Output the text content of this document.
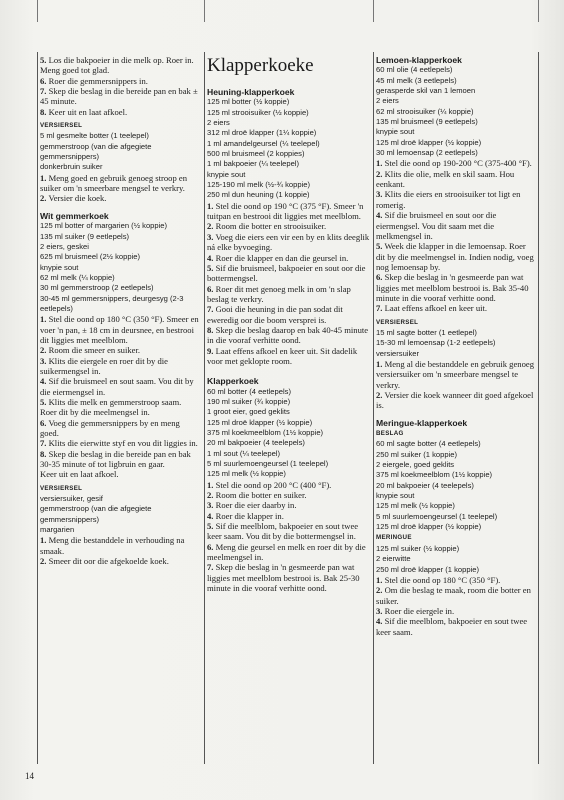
5. Los die bakpoeier in die melk op. Roer in. Meng goed tot glad.
6. Roer die gemmersnippers in.
7. Skep die beslag in die bereide pan en bak ± 45 minute.
8. Keer uit en laat afkoel.
VERSIERSEL
5 ml gesmelte botter (1 teelepel)
gemmerstroop (van die afgegiete gemmersnippers)
donkerbruin suiker
1. Meng goed en gebruik genoeg stroop en suiker om 'n smeerbare mengsel te verkry.
2. Versier die koek.
Wit gemmerkoek
125 ml botter of margarien (½ koppie)
135 ml suiker (9 eetlepels)
2 eiers, geskei
625 ml bruismeel (2½ koppie)
knypie sout
62 ml melk (¼ koppie)
30 ml gemmerstroop (2 eetlepels)
30-45 ml gemmersnippers, deurgesyg (2-3 eetlepels)
1. Stel die oond op 180 °C (350 °F). Smeer en voer 'n pan, ± 18 cm in deursnee, en bestrooi dit liggies met meelblom.
2. Room die smeer en suiker.
3. Klits die eiergele en roer dit by die suikermengsel in.
4. Sif die bruismeel en sout saam. Vou dit by die eiermengsel in.
5. Klits die melk en gemmerstroop saam. Roer dit by die meelmengsel in.
6. Voeg die gemmersnippers by en meng goed.
7. Klits die eierwitte styf en vou dit liggies in.
8. Skep die beslag in die bereide pan en bak 30-35 minute of tot ligbruin en gaar.
Keer uit en laat afkoel.
VERSIERSEL
versiersuiker, gesif
gemmerstroop (van die afgegiete gemmersnippers)
margarien
1. Meng die bestanddele in verhouding na smaak.
2. Smeer dit oor die afgekoelde koek.
Klapperkoeke
Heuning-klapperkoek
125 ml botter (½ koppie)
125 ml strooisuiker (½ koppie)
2 eiers
312 ml droë klapper (1¼ koppie)
1 ml amandelgeursel (¼ teelepel)
500 ml bruismeel (2 koppies)
1 ml bakpoeier (¼ teelepel)
knypie sout
125-190 ml melk (½-¾ koppie)
250 ml dun heuning (1 koppie)
1. Stel die oond op 190 °C (375 °F). Smeer 'n tuitpan en bestrooi dit liggies met meelblom.
2. Room die botter en strooisuiker.
3. Voeg die eiers een vir een by en klits deeglik ná elke byvoeging.
4. Roer die klapper en dan die geursel in.
5. Sif die bruismeel, bakpoeier en sout oor die bottermengsel.
6. Roer dit met genoeg melk in om 'n slap beslag te verkry.
7. Gooi die heuning in die pan sodat dit eweredig oor die boom versprei is.
8. Skep die beslag daarop en bak 40-45 minute in die vooraf verhitte oond.
9. Laat effens afkoel en keer uit. Sit dadelik voor met geklopte room.
Klapperkoek
60 ml botter (4 eetlepels)
190 ml suiker (¾ koppie)
1 groot eier, goed geklits
125 ml droë klapper (½ koppie)
375 ml koekmeelblom (1½ koppie)
20 ml bakpoeier (4 teelepels)
1 ml sout (¼ teelepel)
5 ml suurlemoengeursel (1 teelepel)
125 ml melk (½ koppie)
1. Stel die oond op 200 °C (400 °F).
2. Room die botter en suiker.
3. Roer die eier daarby in.
4. Roer die klapper in.
5. Sif die meelblom, bakpoeier en sout twee keer saam. Vou dit by die bottermengsel in.
6. Meng die geursel en melk en roer dit by die meelmengsel in.
7. Skep die beslag in 'n gesmeerde pan wat liggies met meelblom bestrooi is. Bak 25-30 minute in die vooraf verhitte oond.
Lemoen-klapperkoek
60 ml olie (4 eetlepels)
45 ml melk (3 eetlepels)
gerasperde skil van 1 lemoen
2 eiers
62 ml strooisuiker (¼ koppie)
135 ml bruismeel (9 eetlepels)
knypie sout
125 ml droë klapper (½ koppie)
30 ml lemoensap (2 eetlepels)
1. Stel die oond op 190-200 °C (375-400 °F).
2. Klits die olie, melk en skil saam. Hou eenkant.
3. Klits die eiers en strooisuiker tot ligt en romerig.
4. Sif die bruismeel en sout oor die eiermengsel. Vou dit saam met die melkmengsel in.
5. Week die klapper in die lemoensap. Roer dit by die meelmengsel in. Indien nodig, voeg nog lemoensap by.
6. Skep die beslag in 'n gesmeerde pan wat liggies met meelblom bestrooi is. Bak 35-40 minute in die vooraf verhitte oond.
7. Laat effens afkoel en keer uit.
VERSIERSEL
15 ml sagte botter (1 eetlepel)
15-30 ml lemoensap (1-2 eetlepels)
versiersuiker
1. Meng al die bestanddele en gebruik genoeg versiersuiker om 'n smeerbare mengsel te verkry.
2. Versier die koek wanneer dit goed afgekoel is.
Meringue-klapperkoek
BESLAG
60 ml sagte botter (4 eetlepels)
250 ml suiker (1 koppie)
2 eiergele, goed geklits
375 ml koekmeelblom (1½ koppie)
20 ml bakpoeier (4 teelepels)
knypie sout
125 ml melk (½ koppie)
5 ml suurlemoengeursel (1 teelepel)
125 ml droë klapper (½ koppie)
MERINGUE
125 ml suiker (½ koppie)
2 eierwitte
250 ml droë klapper (1 koppie)
1. Stel die oond op 180 °C (350 °F).
2. Om die beslag te maak, room die botter en suiker.
3. Roer die eiergele in.
4. Sif die meelblom, bakpoeier en sout twee keer saam.
14
